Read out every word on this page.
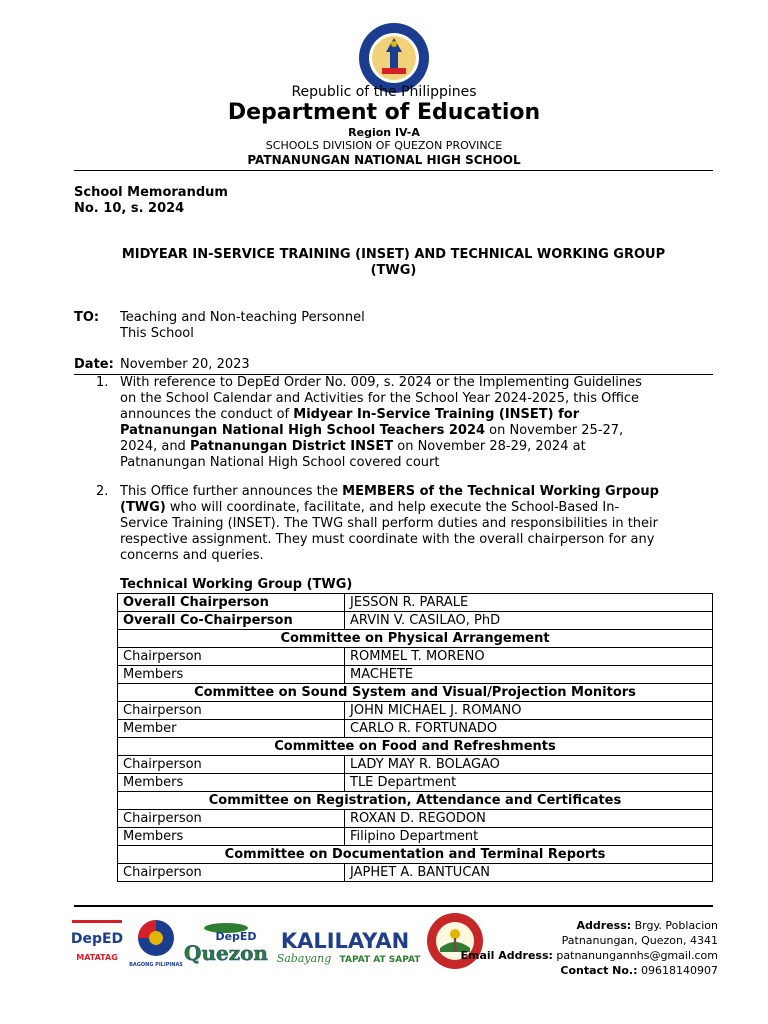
Republic of the Philippines
Department of Education
Region IV-A
SCHOOLS DIVISION OF QUEZON PROVINCE
PATNANUNGAN NATIONAL HIGH SCHOOL
School Memorandum
No. 10, s. 2024
MIDYEAR IN-SERVICE TRAINING (INSET) AND TECHNICAL WORKING GROUP
(TWG)
TO: Teaching and Non-teaching Personnel
This School
Date: November 20, 2023
1. With reference to DepEd Order No. 009, s. 2024 or the Implementing Guidelines
on the School Calendar and Activities for the School Year 2024-2025, this Office
announces the conduct of Midyear In-Service Training (INSET) for
Patnanungan National High School Teachers 2024 on November 25-27,
2024, and Patnanungan District INSET on November 28-29, 2024 at
Patnanungan National High School covered court
2. This Office further announces the MEMBERS of the Technical Working Grpoup
(TWG) who will coordinate, facilitate, and help execute the School-Based In-
Service Training (INSET). The TWG shall perform duties and responsibilities in their
respective assignment. They must coordinate with the overall chairperson for any
concerns and queries.
Technical Working Group (TWG)
Overall Chairperson	JESSON R. PARALE
Overall Co-Chairperson	ARVIN V. CASILAO, PhD
Committee on Physical Arrangement	
Chairperson	ROMMEL T. MORENO
Members	MACHETE
Committee on Sound System and Visual/Projection Monitors	
Chairperson	JOHN MICHAEL J. ROMANO
Member	CARLO R. FORTUNADO
Committee on Food and Refreshments	
Chairperson	LADY MAY R. BOLAGAO
Members	TLE Department
Committee on Registration, Attendance and Certificates	
Chairperson	ROXAN D. REGODON
Members	Filipino Department
Committee on Documentation and Terminal Reports	
Chairperson	JAPHET A. BANTUCAN
DepED
MATATAG
BAGONG PILIPINAS
DepED
Quezon KALILAYAN
Sabayang TAPAT AT SAPAT
Address: Brgy. Poblacion
Patnanungan, Quezon, 4341
Email Address: patnanungannhs@gmail.com
Contact No.: 09618140907
